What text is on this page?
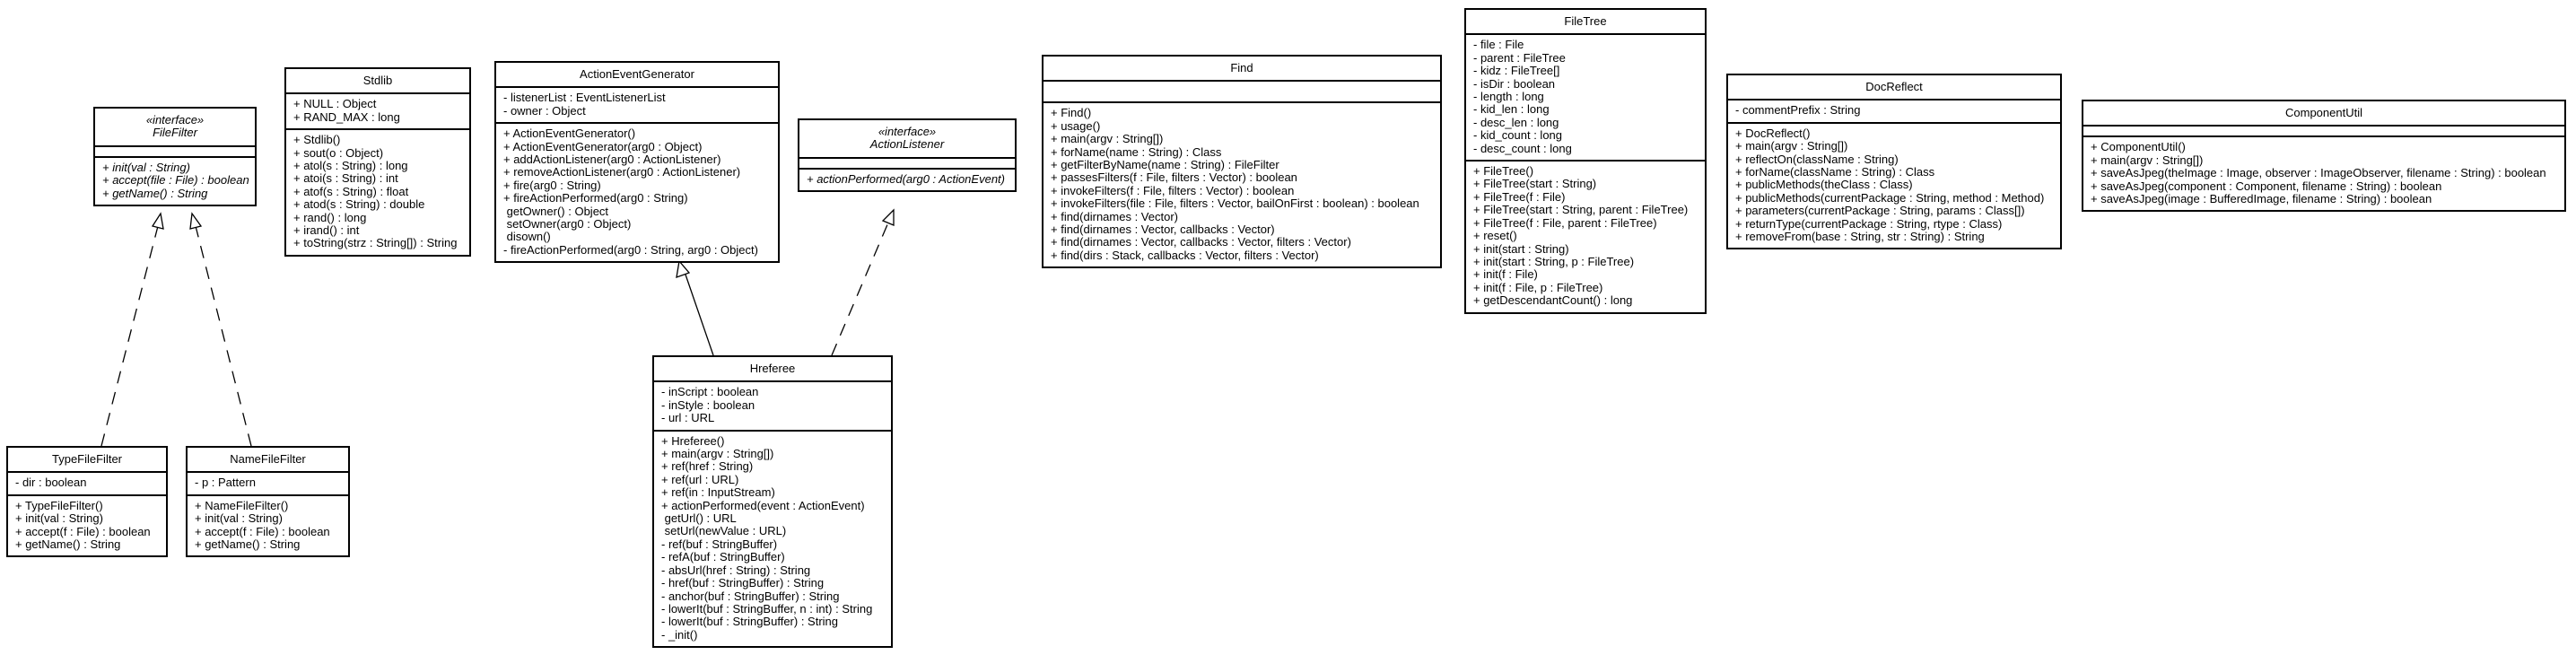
«interface»
FileFilter
+ init(val : String)
+ accept(file : File) : boolean
+ getName() : String
Stdlib
+ NULL : Object
+ RAND_MAX : long
+ Stdlib()
+ sout(o : Object)
+ atol(s : String) : long
+ atoi(s : String) : int
+ atof(s : String) : float
+ atod(s : String) : double
+ rand() : long
+ irand() : int
+ toString(strz : String[]) : String
ActionEventGenerator
- listenerList : EventListenerList
- owner : Object
+ ActionEventGenerator()
+ ActionEventGenerator(arg0 : Object)
+ addActionListener(arg0 : ActionListener)
+ removeActionListener(arg0 : ActionListener)
+ fire(arg0 : String)
+ fireActionPerformed(arg0 : String)
getOwner() : Object
setOwner(arg0 : Object)
disown()
- fireActionPerformed(arg0 : String, arg0 : Object)
«interface»
ActionListener
+ actionPerformed(arg0 : ActionEvent)
Find
+ Find()
+ usage()
+ main(argv : String[])
+ forName(name : String) : Class
+ getFilterByName(name : String) : FileFilter
+ passesFilters(f : File, filters : Vector) : boolean
+ invokeFilters(f : File, filters : Vector) : boolean
+ invokeFilters(file : File, filters : Vector, bailOnFirst : boolean) : boolean
+ find(dirnames : Vector)
+ find(dirnames : Vector, callbacks : Vector)
+ find(dirnames : Vector, callbacks : Vector, filters : Vector)
+ find(dirs : Stack, callbacks : Vector, filters : Vector)
FileTree
- file : File
- parent : FileTree
- kidz : FileTree[]
- isDir : boolean
- length : long
- kid_len : long
- desc_len : long
- kid_count : long
- desc_count : long
+ FileTree()
+ FileTree(start : String)
+ FileTree(f : File)
+ FileTree(start : String, parent : FileTree)
+ FileTree(f : File, parent : FileTree)
+ reset()
+ init(start : String)
+ init(start : String, p : FileTree)
+ init(f : File)
+ init(f : File, p : FileTree)
+ getDescendantCount() : long
DocReflect
- commentPrefix : String
+ DocReflect()
+ main(argv : String[])
+ reflectOn(className : String)
+ forName(className : String) : Class
+ publicMethods(theClass : Class)
+ publicMethods(currentPackage : String, method : Method)
+ parameters(currentPackage : String, params : Class[])
+ returnType(currentPackage : String, rtype : Class)
+ removeFrom(base : String, str : String) : String
ComponentUtil
+ ComponentUtil()
+ main(argv : String[])
+ saveAsJpeg(theImage : Image, observer : ImageObserver, filename : String) : boolean
+ saveAsJpeg(component : Component, filename : String) : boolean
+ saveAsJpeg(image : BufferedImage, filename : String) : boolean
Hreferee
- inScript : boolean
- inStyle : boolean
- url : URL
+ Hreferee()
+ main(argv : String[])
+ ref(href : String)
+ ref(url : URL)
+ ref(in : InputStream)
+ actionPerformed(event : ActionEvent)
getUrl() : URL
setUrl(newValue : URL)
- ref(buf : StringBuffer)
- refA(buf : StringBuffer)
- absUrl(href : String) : String
- href(buf : StringBuffer) : String
- anchor(buf : StringBuffer) : String
- lowerIt(buf : StringBuffer, n : int) : String
- lowerIt(buf : StringBuffer) : String
- _init()
TypeFileFilter
- dir : boolean
+ TypeFileFilter()
+ init(val : String)
+ accept(f : File) : boolean
+ getName() : String
NameFileFilter
- p : Pattern
+ NameFileFilter()
+ init(val : String)
+ accept(f : File) : boolean
+ getName() : String
